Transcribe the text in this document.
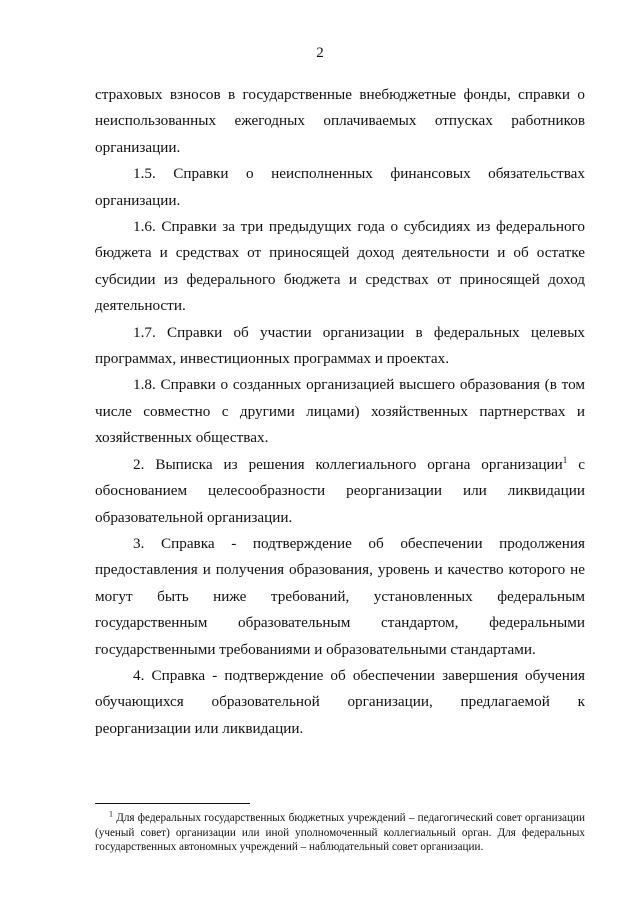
2

страховых взносов в государственные внебюджетные фонды, справки о неиспользованных ежегодных оплачиваемых отпусках работников организации.

1.5. Справки о неисполненных финансовых обязательствах организации.

1.6. Справки за три предыдущих года о субсидиях из федерального бюджета и средствах от приносящей доход деятельности и об остатке субсидии из федерального бюджета и средствах от приносящей доход деятельности.

1.7. Справки об участии организации в федеральных целевых программах, инвестиционных программах и проектах.

1.8. Справки о созданных организацией высшего образования (в том числе совместно с другими лицами) хозяйственных партнерствах и хозяйственных обществах.

2. Выписка из решения коллегиального органа организации$^1$ с обоснованием целесообразности реорганизации или ликвидации образовательной организации.

3. Справка - подтверждение об обеспечении продолжения предоставления и получения образования, уровень и качество которого не могут быть ниже требований, установленных федеральным государственным образовательным стандартом, федеральными государственными требованиями и образовательными стандартами.

4. Справка - подтверждение об обеспечении завершения обучения обучающихся образовательной организации, предлагаемой к реорганизации или ликвидации.

$^1$ Для федеральных государственных бюджетных учреждений – педагогический совет организации (ученый совет) организации или иной уполномоченный коллегиальный орган. Для федеральных государственных автономных учреждений – наблюдательный совет организации.
